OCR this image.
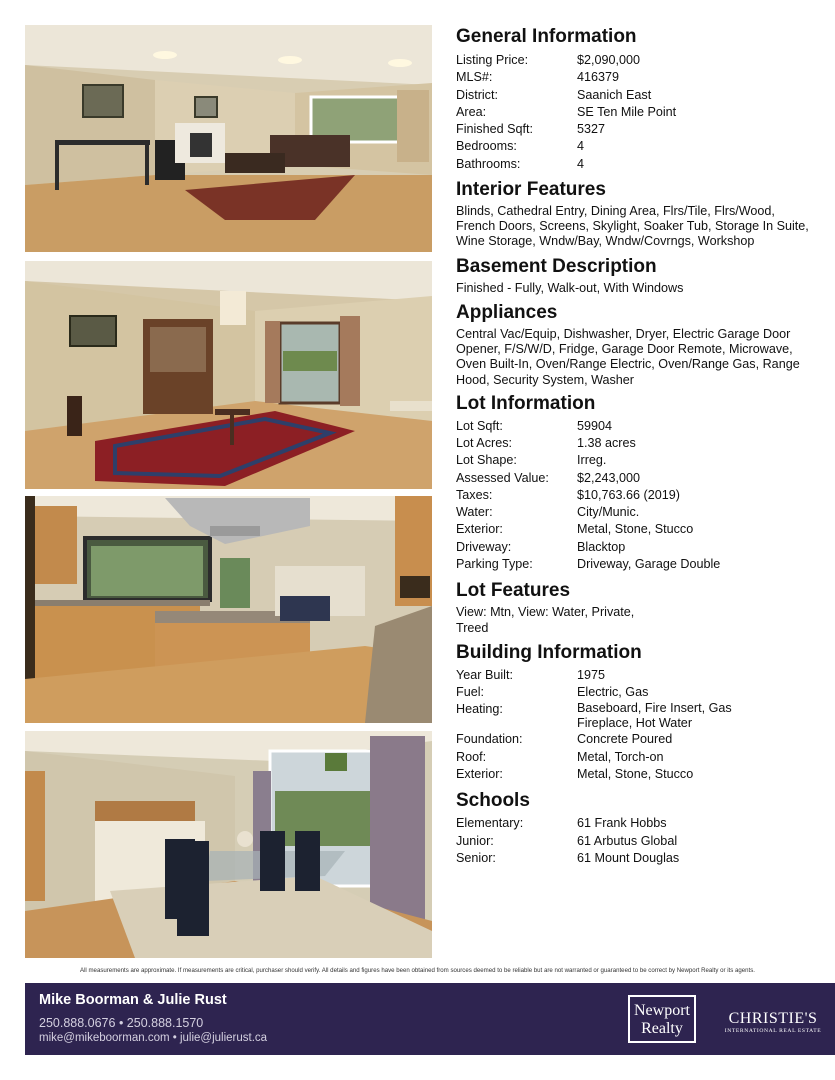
General Information
Listing Price:	$2,090,000
MLS#:	416379
District:	Saanich East
Area:	SE Ten Mile Point
Finished Sqft:	5327
Bedrooms:	4
Bathrooms:	4
Interior Features

Blinds, Cathedral Entry, Dining Area, Flrs/Tile, Flrs/Wood, French Doors, Screens, Skylight, Soaker Tub, Storage In Suite, Wine Storage, Wndw/Bay, Wndw/Covrngs, Workshop

Basement Description

Finished - Fully, Walk-out, With Windows

Appliances

Central Vac/Equip, Dishwasher, Dryer, Electric Garage Door Opener, F/S/W/D, Fridge, Garage Door Remote, Microwave, Oven Built-In, Oven/Range Electric, Oven/Range Gas, Range Hood, Security System, Washer

Lot Information
Lot Sqft:	59904
Lot Acres:	1.38 acres
Lot Shape:	Irreg.
Assessed Value:	$2,243,000
Taxes:	$10,763.66 (2019)
Water:	City/Munic.
Exterior:	Metal, Stone, Stucco
Driveway:	Blacktop
Parking Type:	Driveway, Garage Double
Lot Features

View: Mtn, View: Water, Private, Treed

Building Information
Year Built:	1975
Fuel:	Electric, Gas
Heating:	Baseboard, Fire Insert, Gas Fireplace, Hot Water
Foundation:	Concrete Poured
Roof:	Metal, Torch-on
Exterior:	Metal, Stone, Stucco
Schools
Elementary:	61 Frank Hobbs
Junior:	61 Arbutus Global
Senior:	61 Mount Douglas
All measurements are approximate. If measurements are critical, purchaser should verify. All details and figures have been obtained from sources deemed to be reliable but are not warranted or guaranteed to be correct by Newport Realty or its agents.
Mike Boorman & Julie Rust
250.888.0676 • 250.888.1570
mike@mikeboorman.com • julie@julierust.ca
Newport
Realty
CHRISTIE'S
INTERNATIONAL REAL ESTATE
